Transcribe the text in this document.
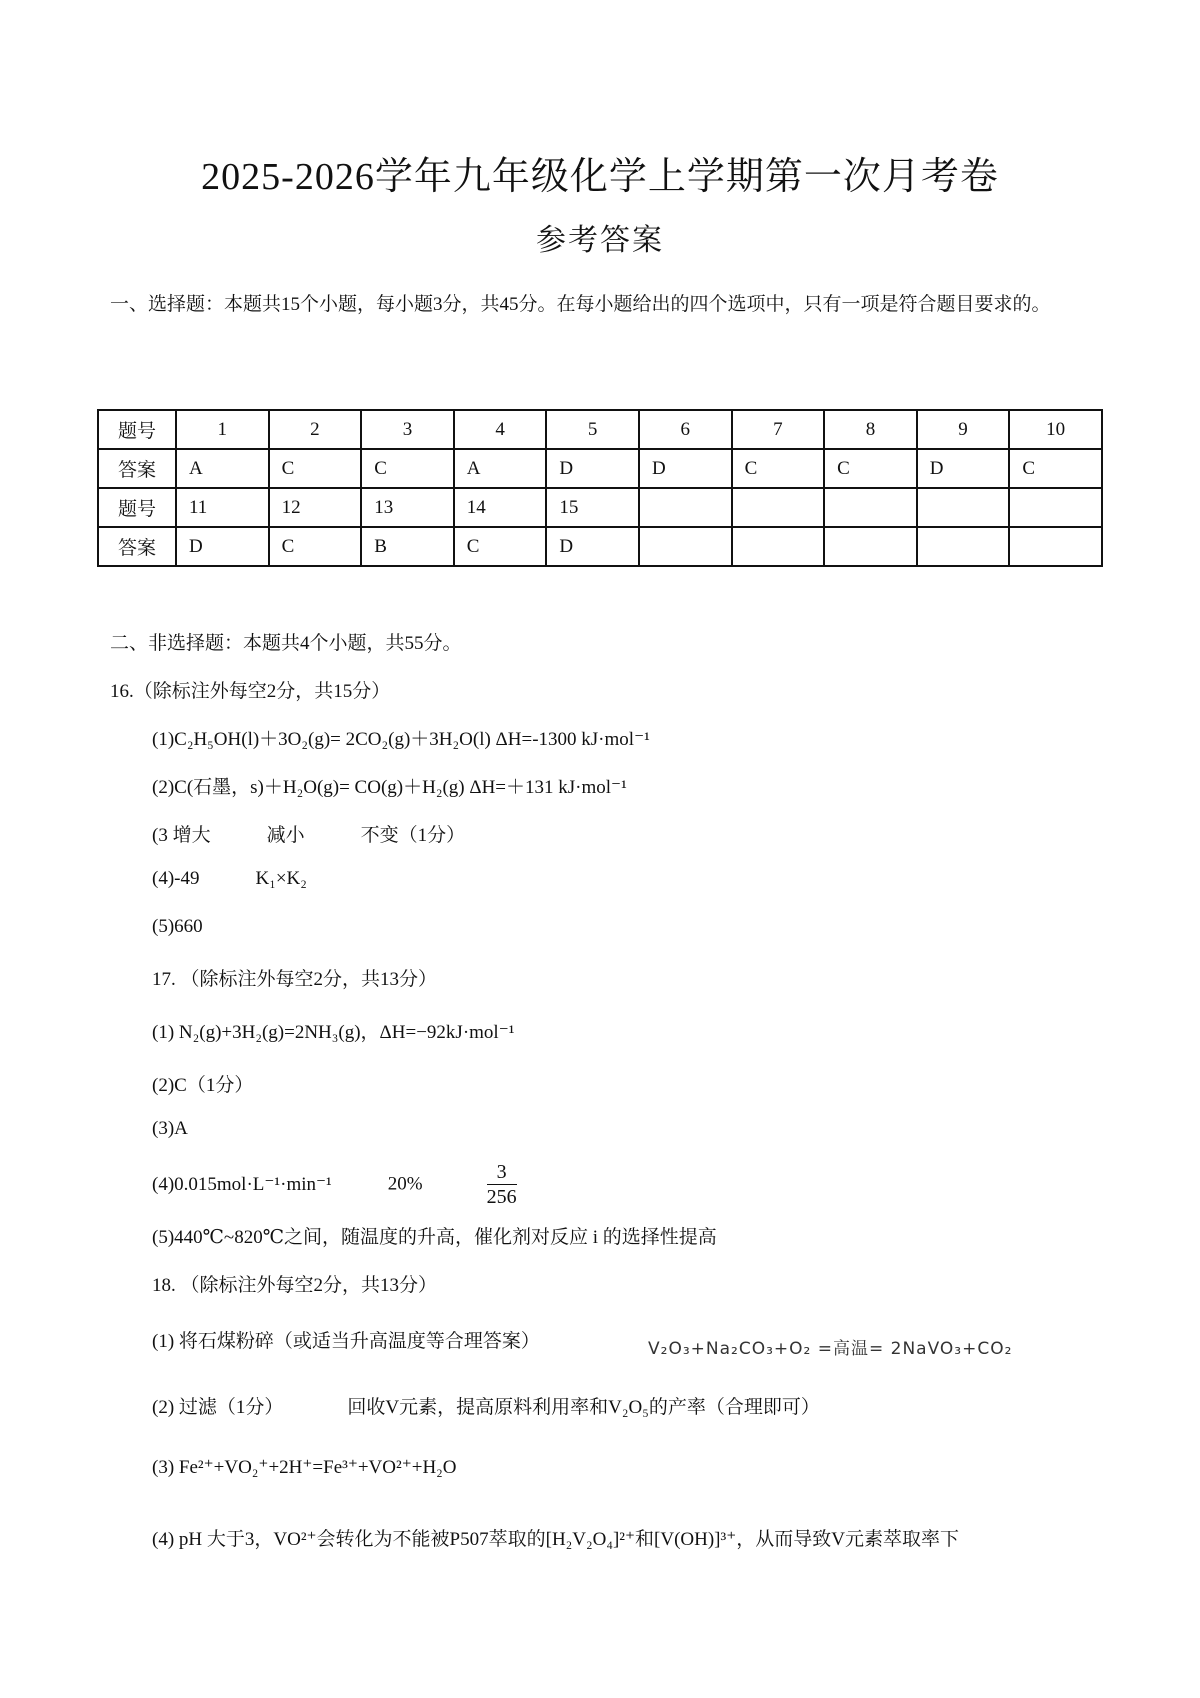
2025-2026学年九年级化学上学期第一次月考卷
参考答案
一、选择题：本题共15个小题，每小题3分，共45分。在每小题给出的四个选项中，只有一项是符合题目要求的。
题号	1	2	3	4	5	6	7	8	9	10
答案	A	C	C	A	D	D	C	C	D	C
题号	11	12	13	14	15					
答案	D	C	B	C	D					
二、非选择题：本题共4个小题，共55分。
16.（除标注外每空2分，共15分）
(1)C₂H₅OH(l)＋3O₂(g)= 2CO₂(g)＋3H₂O(l) ΔH=-1300 kJ·mol⁻¹
(2)C(石墨，s)＋H₂O(g)= CO(g)＋H₂(g) ΔH=＋131 kJ·mol⁻¹
(3 增大	减小	不变（1分）
(4)-49	K₁×K₂
(5)660
17. （除标注外每空2分，共13分）
(1) N₂(g)+3H₂(g)=2NH₃(g)，ΔH=−92kJ·mol⁻¹
(2)C（1分）
(3)A
(4)0.015mol·L⁻¹·min⁻¹	20%	$\frac{3}{256}$
(5)440℃~820℃之间，随温度的升高，催化剂对反应 i 的选择性提高
18. （除标注外每空2分，共13分）
(1) 将石煤粉碎（或适当升高温度等合理答案）	V₂O₃+Na₂CO₃+O₂ =高温= 2NaVO₃+CO₂
(2) 过滤（1分）	回收V元素，提高原料利用率和V₂O₅的产率（合理即可）
(3) Fe²⁺+VO₂⁺+2H⁺=Fe³⁺+VO²⁺+H₂O
(4) pH 大于3，VO²⁺会转化为不能被P507萃取的[H₂V₂O₄]²⁺和[V(OH)]³⁺，从而导致V元素萃取率下
